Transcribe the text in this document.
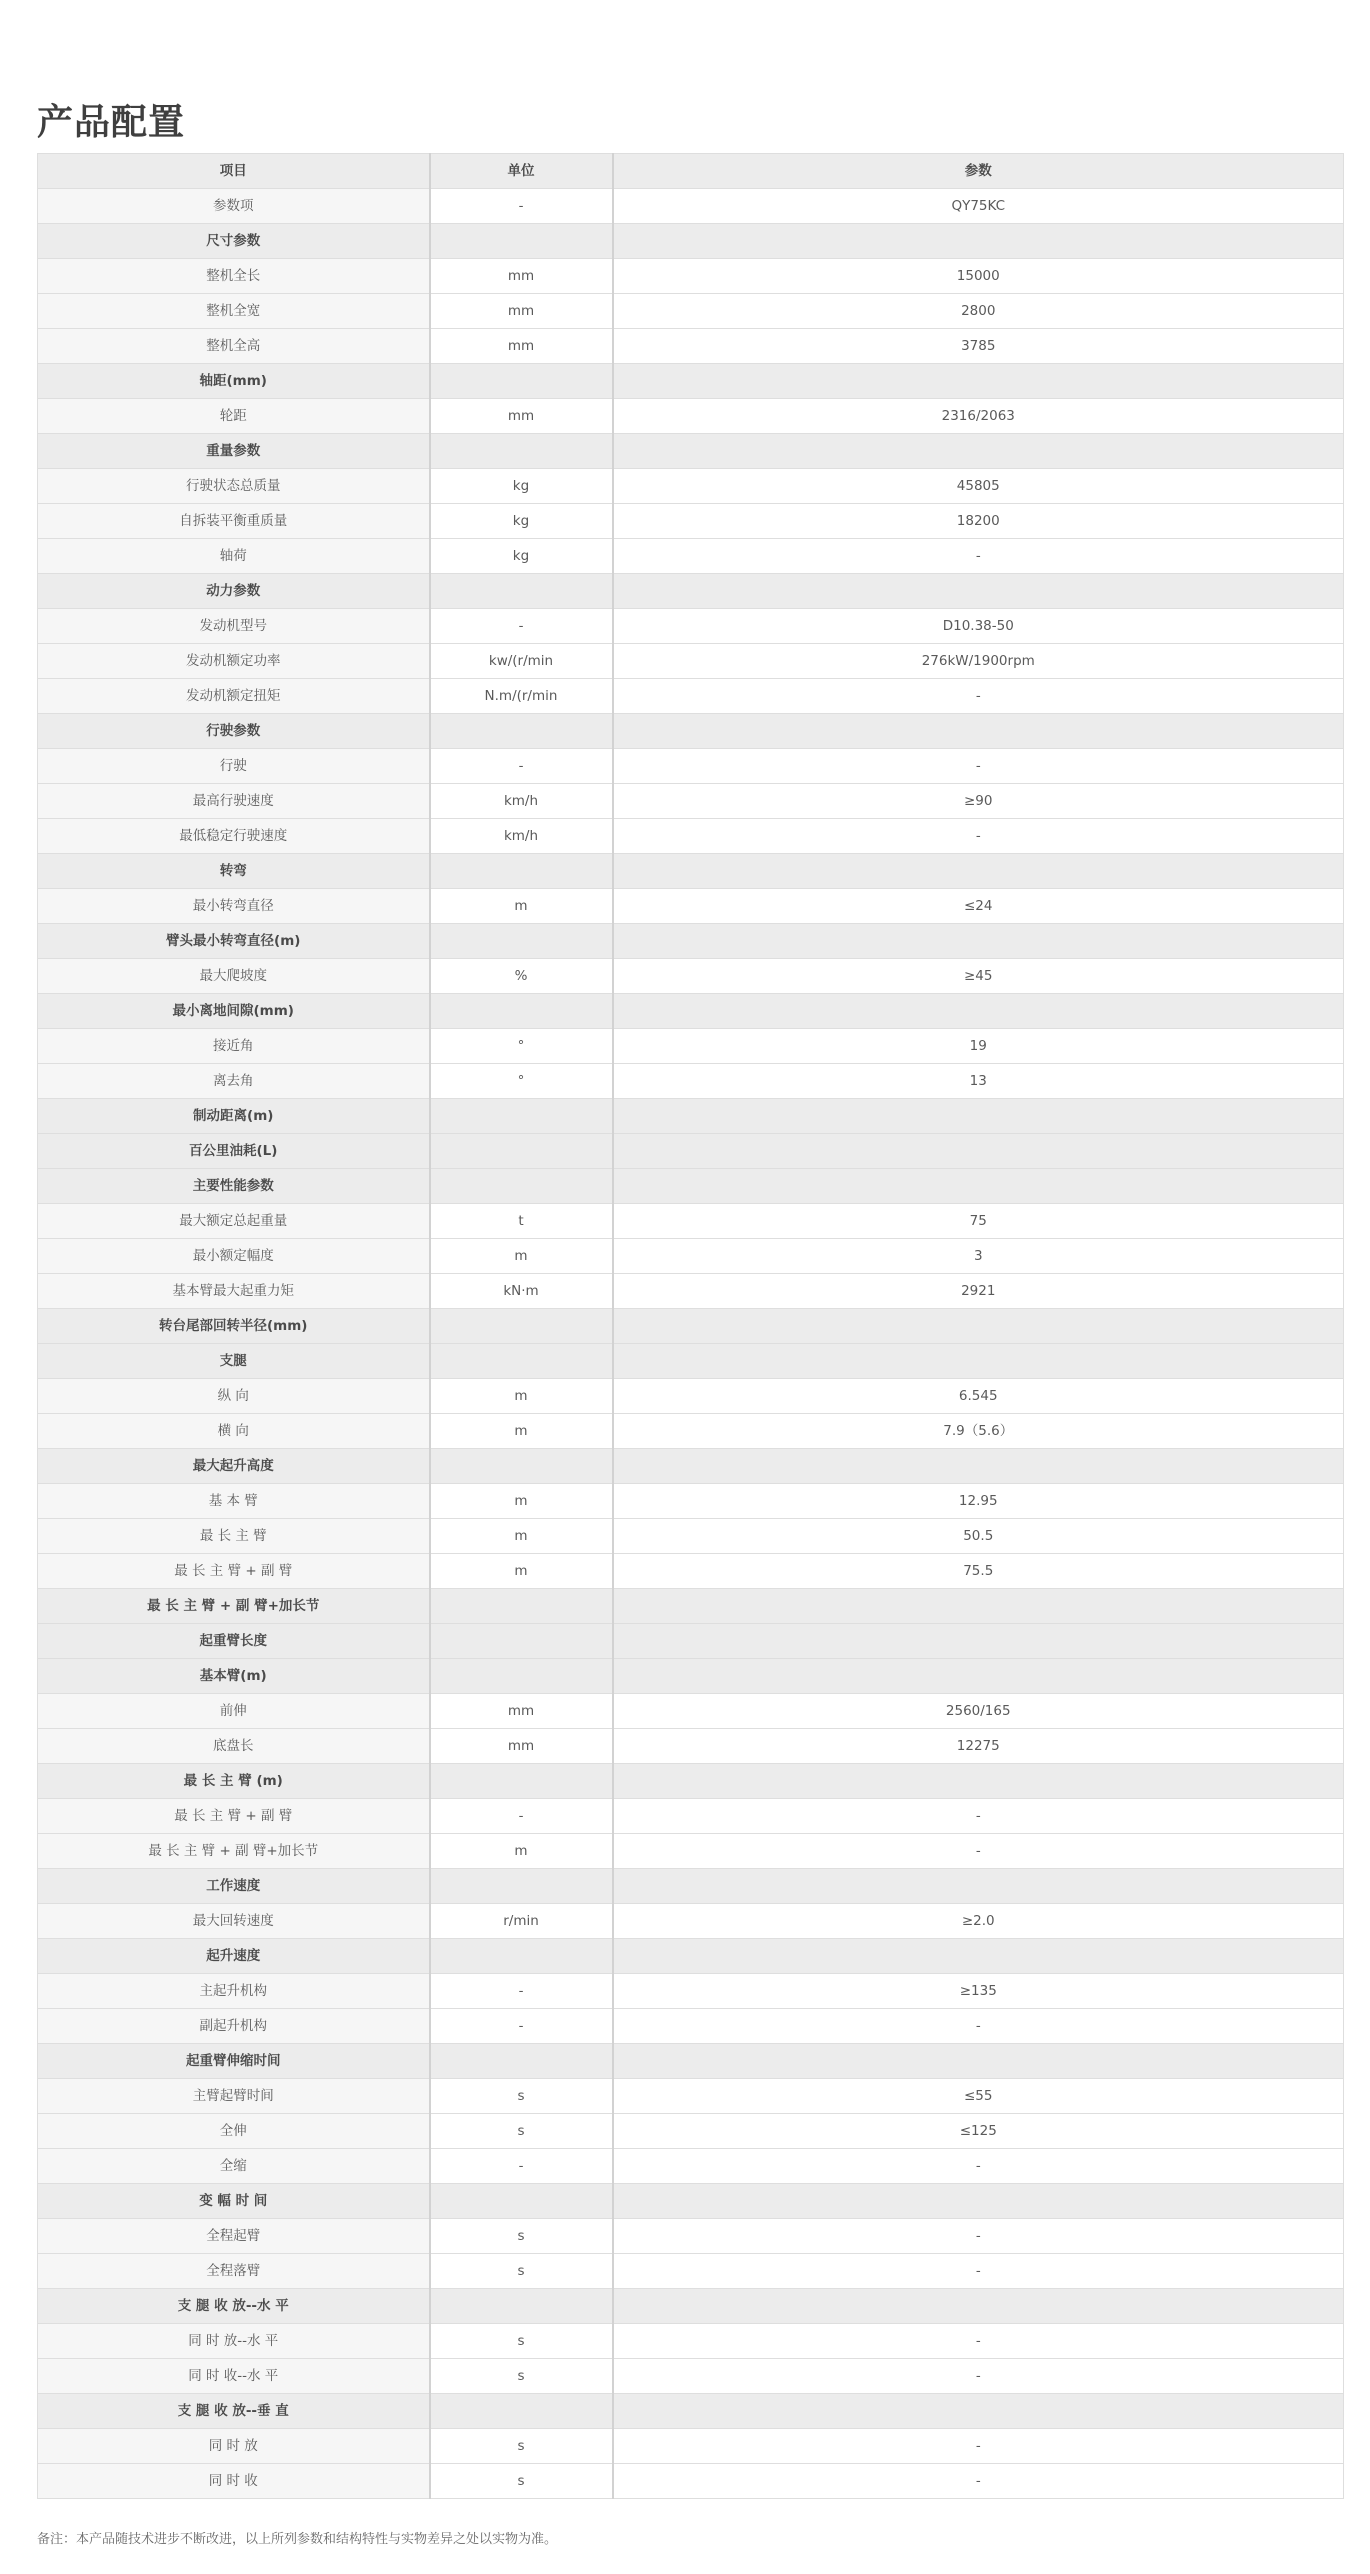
产品配置
项目	单位	参数
参数项	-	QY75KC
尺寸参数		
整机全长	mm	15000
整机全宽	mm	2800
整机全高	mm	3785
轴距(mm)		
轮距	mm	2316/2063
重量参数		
行驶状态总质量	kg	45805
自拆装平衡重质量	kg	18200
轴荷	kg	-
动力参数		
发动机型号	-	D10.38-50
发动机额定功率	kw/(r/min	276kW/1900rpm
发动机额定扭矩	N.m/(r/min	-
行驶参数		
行驶	-	-
最高行驶速度	km/h	≥90
最低稳定行驶速度	km/h	-
转弯		
最小转弯直径	m	≤24
臂头最小转弯直径(m)		
最大爬坡度	%	≥45
最小离地间隙(mm)		
接近角	°	19
离去角	°	13
制动距离(m)		
百公里油耗(L)		
主要性能参数		
最大额定总起重量	t	75
最小额定幅度	m	3
基本臂最大起重力矩	kN·m	2921
转台尾部回转半径(mm)		
支腿		
纵 向	m	6.545
横 向	m	7.9（5.6）
最大起升高度		
基 本 臂	m	12.95
最 长 主 臂	m	50.5
最 长 主 臂 + 副 臂	m	75.5
最 长 主 臂 + 副 臂+加长节		
起重臂长度		
基本臂(m)		
前伸	mm	2560/165
底盘长	mm	12275
最 长 主 臂 (m)		
最 长 主 臂 + 副 臂	-	-
最 长 主 臂 + 副 臂+加长节	m	-
工作速度		
最大回转速度	r/min	≥2.0
起升速度		
主起升机构	-	≥135
副起升机构	-	-
起重臂伸缩时间		
主臂起臂时间	s	≤55
全伸	s	≤125
全缩	-	-
变 幅 时 间		
全程起臂	s	-
全程落臂	s	-
支 腿 收 放--水 平		
同 时 放--水 平	s	-
同 时 收--水 平	s	-
支 腿 收 放--垂 直		
同 时 放	s	-
同 时 收	s	-
备注：本产品随技术进步不断改进，以上所列参数和结构特性与实物差异之处以实物为准。
